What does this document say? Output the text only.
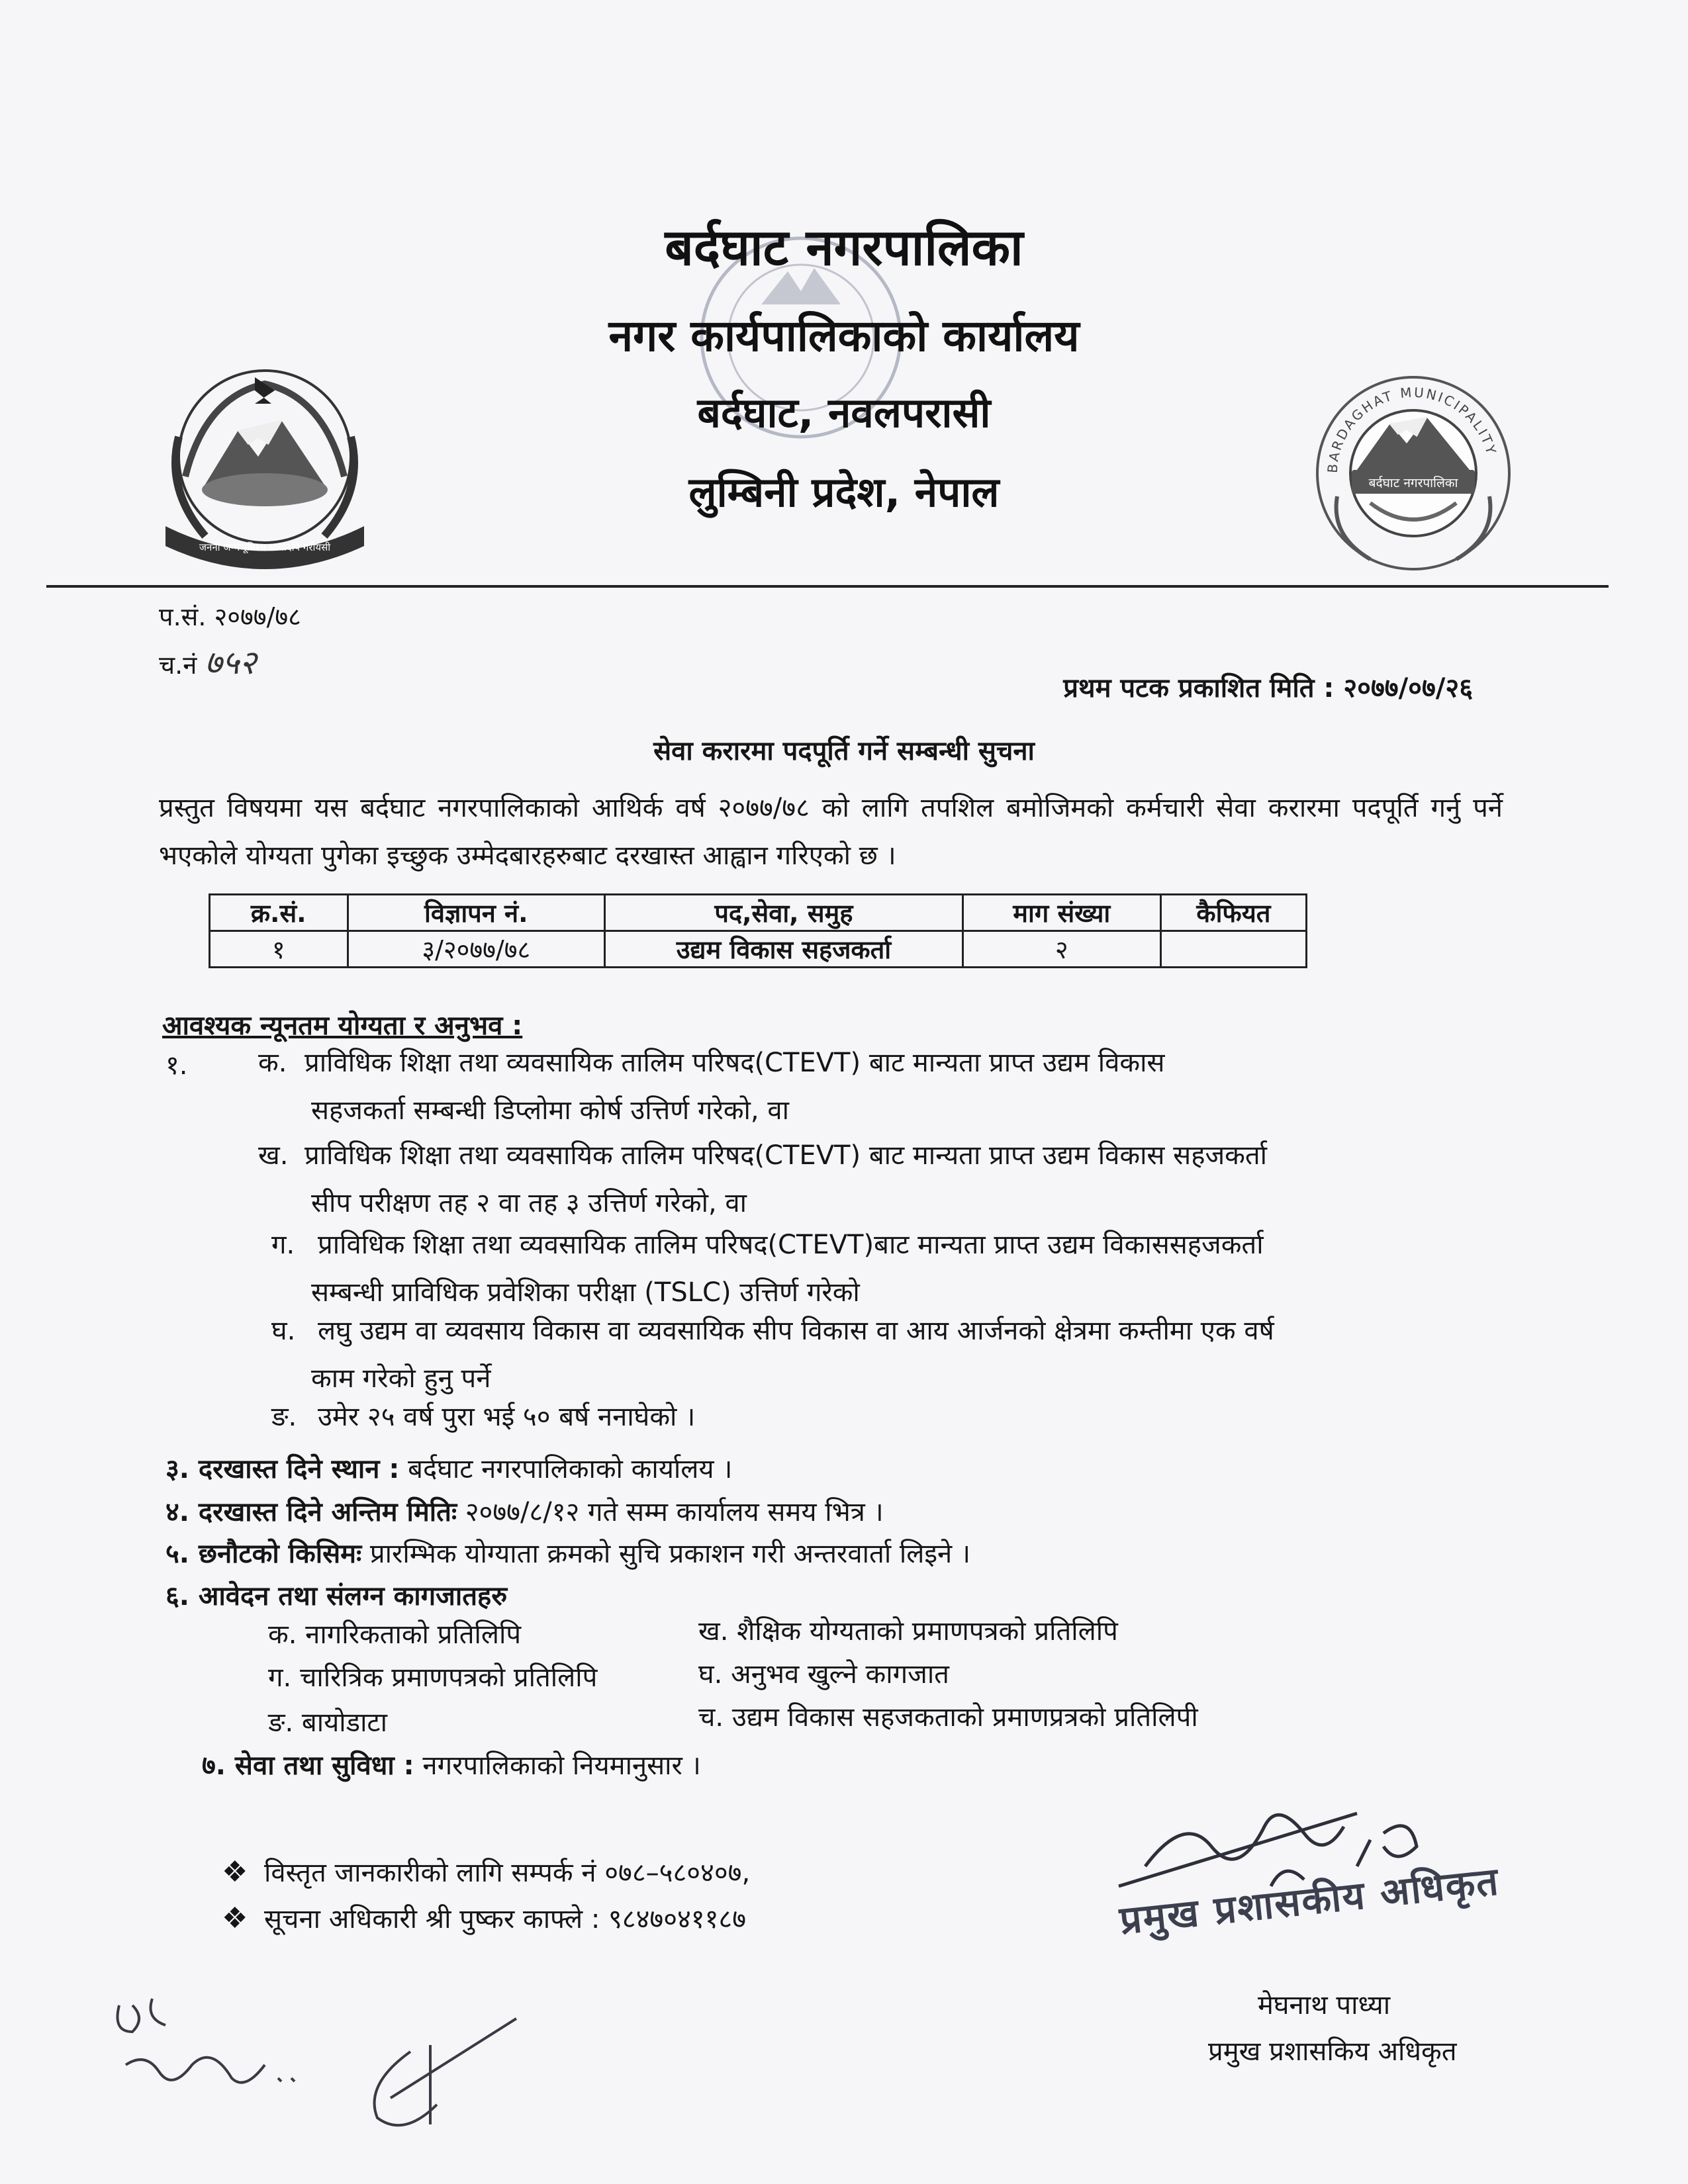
जननी जन्मभूमिश्च स्वर्गादपि गरीयसी
बर्दघाट नगरपालिका
नगर कार्यपालिकाको कार्यालय
बर्दघाट, नवलपरासी
लुम्बिनी प्रदेश, नेपाल
BARDAGHAT MUNICIPALITY
बर्दघाट नगरपालिका
प.सं. २०७७/७८
च.नं ७५२
प्रथम पटक प्रकाशित मिति : २०७७/०७/२६
सेवा करारमा पदपूर्ति गर्ने सम्बन्धी सुचना
प्रस्तुत विषयमा यस बर्दघाट नगरपालिकाको आथिर्क वर्ष २०७७/७८ को लागि तपशिल बमोजिमको कर्मचारी सेवा करारमा पदपूर्ति गर्नु पर्ने भएकोले योग्यता पुगेका इच्छुक उम्मेदबारहरुबाट दरखास्त आह्वान गरिएको छ ।
क्र.सं.	विज्ञापन नं.	पद,सेवा, समुह	माग संख्या	कैफियत
१	३/२०७७/७८	उद्यम विकास सहजकर्ता	२	
आवश्यक न्यूनतम योग्यता र अनुभव :
१.	क. प्राविधिक शिक्षा तथा व्यवसायिक तालिम परिषद(CTEVT) बाट मान्यता प्राप्त उद्यम विकास
सहजकर्ता सम्बन्धी डिप्लोमा कोर्ष उत्तिर्ण गरेको, वा
ख. प्राविधिक शिक्षा तथा व्यवसायिक तालिम परिषद(CTEVT) बाट मान्यता प्राप्त उद्यम विकास सहजकर्ता
सीप परीक्षण तह २ वा तह ३ उत्तिर्ण गरेको, वा
ग. प्राविधिक शिक्षा तथा व्यवसायिक तालिम परिषद(CTEVT)बाट मान्यता प्राप्त उद्यम विकाससहजकर्ता
सम्बन्धी प्राविधिक प्रवेशिका परीक्षा (TSLC) उत्तिर्ण गरेको
घ. लघु उद्यम वा व्यवसाय विकास वा व्यवसायिक सीप विकास वा आय आर्जनको क्षेत्रमा कम्तीमा एक वर्ष
काम गरेको हुनु पर्ने
ङ. उमेर २५ वर्ष पुरा भई ५० बर्ष ननाघेको ।
३. दरखास्त दिने स्थान : बर्दघाट नगरपालिकाको कार्यालय ।
४. दरखास्त दिने अन्तिम मितिः २०७७/८/१२ गते सम्म कार्यालय समय भित्र ।
५. छनौटको किसिमः प्रारम्भिक योग्याता क्रमको सुचि प्रकाशन गरी अन्तरवार्ता लिइने ।
६. आवेदन तथा संलग्न कागजातहरु
क. नागरिकताको प्रतिलिपि	ख. शैक्षिक योग्यताको प्रमाणपत्रको प्रतिलिपि
ग. चारित्रिक प्रमाणपत्रको प्रतिलिपि	घ. अनुभव खुल्ने कागजात
ङ. बायोडाटा	च. उद्यम विकास सहजकताको प्रमाणप्रत्रको प्रतिलिपी
७. सेवा तथा सुविधा : नगरपालिकाको नियमानुसार ।
❖ विस्तृत जानकारीको लागि सम्पर्क नं ०७८–५८०४०७,
❖ सूचना अधिकारी श्री पुष्कर काफ्ले : ९८४७०४११८७	प्रमुख प्रशासकीय अधिकृत
मेघनाथ पाध्या
प्रमुख प्रशासकिय अधिकृत
